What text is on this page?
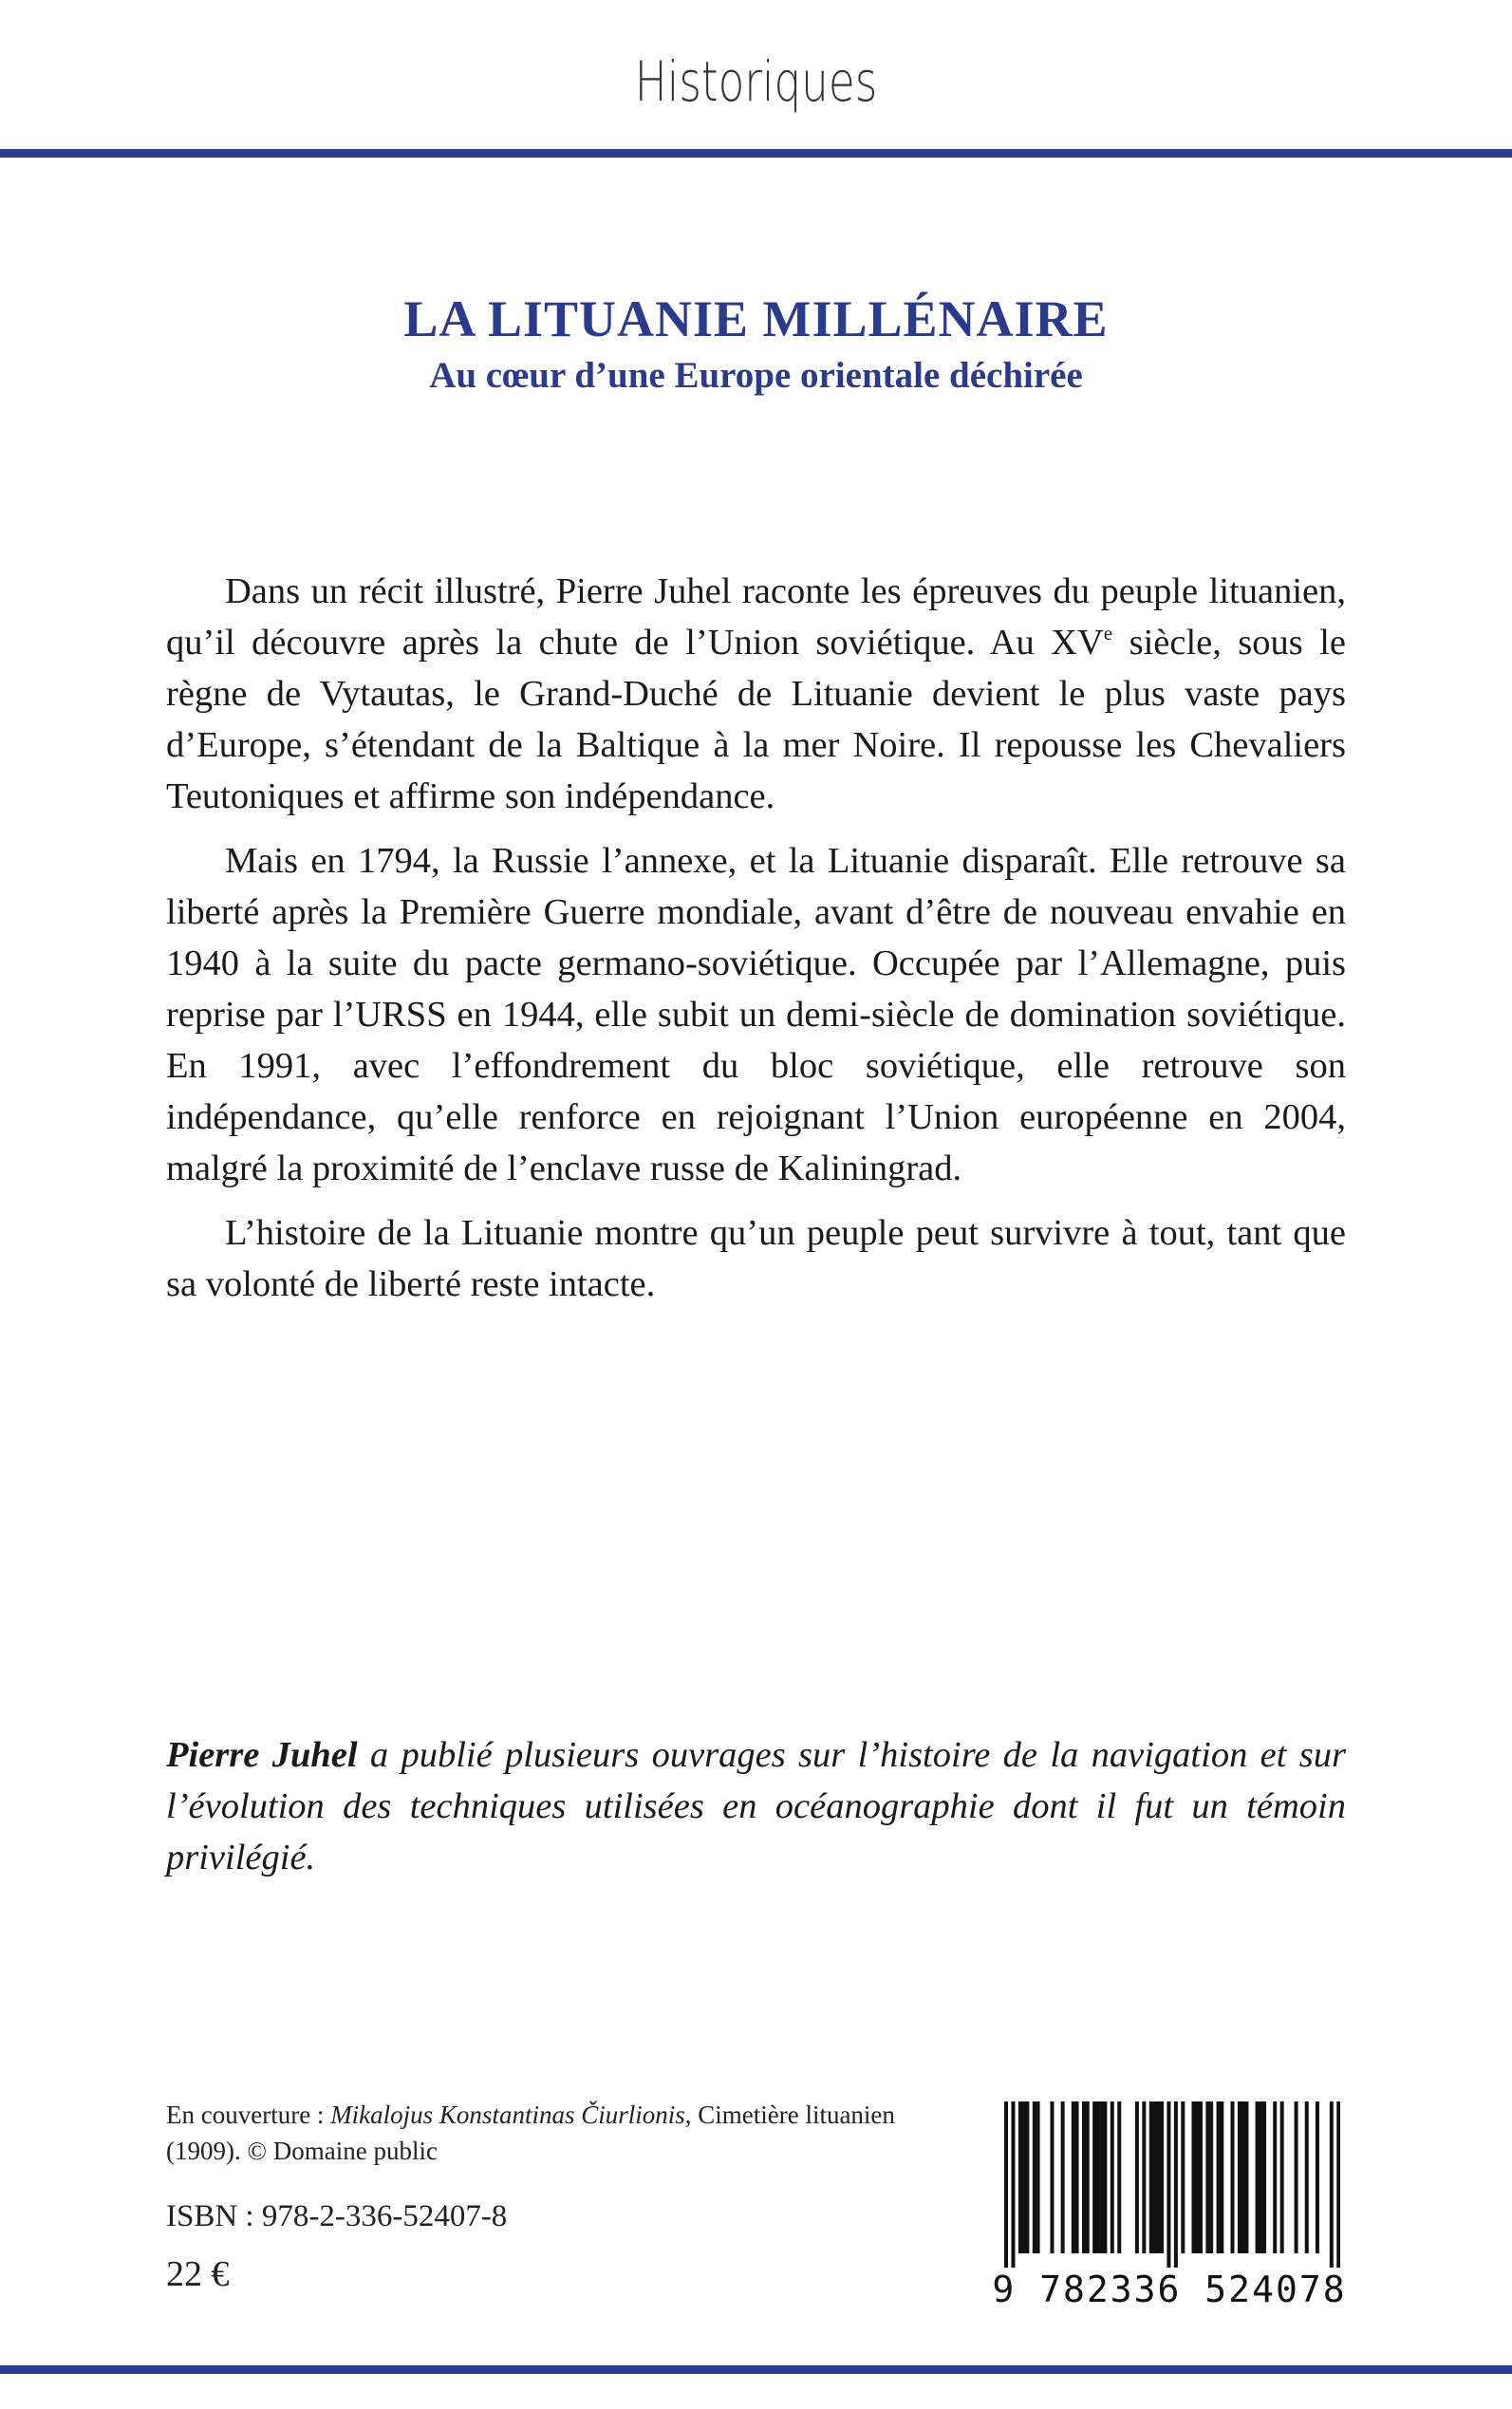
Historiques
LA LITUANIE MILLÉNAIRE
Au cœur d’une Europe orientale déchirée

Dans un récit illustré, Pierre Juhel raconte les épreuves du peuple lituanien, qu’il découvre après la chute de l’Union soviétique. Au XVe siècle, sous le règne de Vytautas, le Grand-Duché de Lituanie devient le plus vaste pays d’Europe, s’étendant de la Baltique à la mer Noire. Il repousse les Chevaliers Teutoniques et affirme son indépendance.

Mais en 1794, la Russie l’annexe, et la Lituanie disparaît. Elle retrouve sa liberté après la Première Guerre mondiale, avant d’être de nouveau envahie en 1940 à la suite du pacte germano-soviétique. Occupée par l’Allemagne, puis reprise par l’URSS en 1944, elle subit un demi-siècle de domination soviétique. En 1991, avec l’effondrement du bloc soviétique, elle retrouve son indépendance, qu’elle renforce en rejoignant l’Union européenne en 2004, malgré la proximité de l’enclave russe de Kaliningrad.

L’histoire de la Lituanie montre qu’un peuple peut survivre à tout, tant que sa volonté de liberté reste intacte.

Pierre Juhel a publié plusieurs ouvrages sur l’histoire de la navigation et sur l’évolution des techniques utilisées en océanographie dont il fut un témoin privilégié.
En couverture : Mikalojus Konstantinas Čiurlionis, Cimetière lituanien (1909). © Domaine public
ISBN : 978-2-336-52407-8
22 €	9 782336 524078
